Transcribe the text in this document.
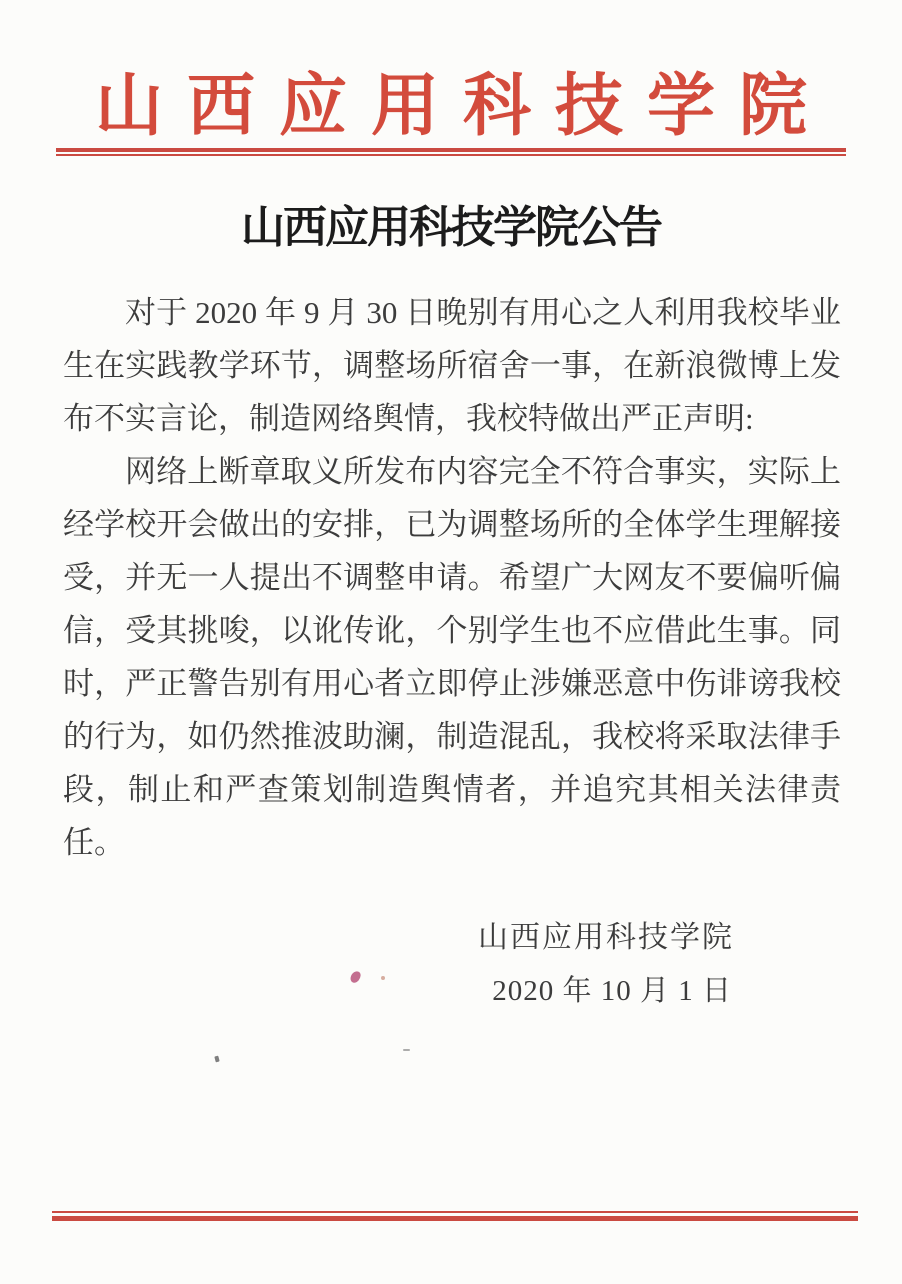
山西应用科技学院
山西应用科技学院公告

对于 2020 年 9 月 30 日晚别有用心之人利用我校毕业生在实践教学环节，调整场所宿舍一事，在新浪微博上发布不实言论，制造网络舆情，我校特做出严正声明:

网络上断章取义所发布内容完全不符合事实，实际上经学校开会做出的安排，已为调整场所的全体学生理解接受，并无一人提出不调整申请。希望广大网友不要偏听偏信，受其挑唆，以讹传讹，个别学生也不应借此生事。同时，严正警告别有用心者立即停止涉嫌恶意中伤诽谤我校的行为，如仍然推波助澜，制造混乱，我校将采取法律手段，制止和严查策划制造舆情者，并追究其相关法律责任。

山西应用科技学院
2020 年 10 月 1 日
